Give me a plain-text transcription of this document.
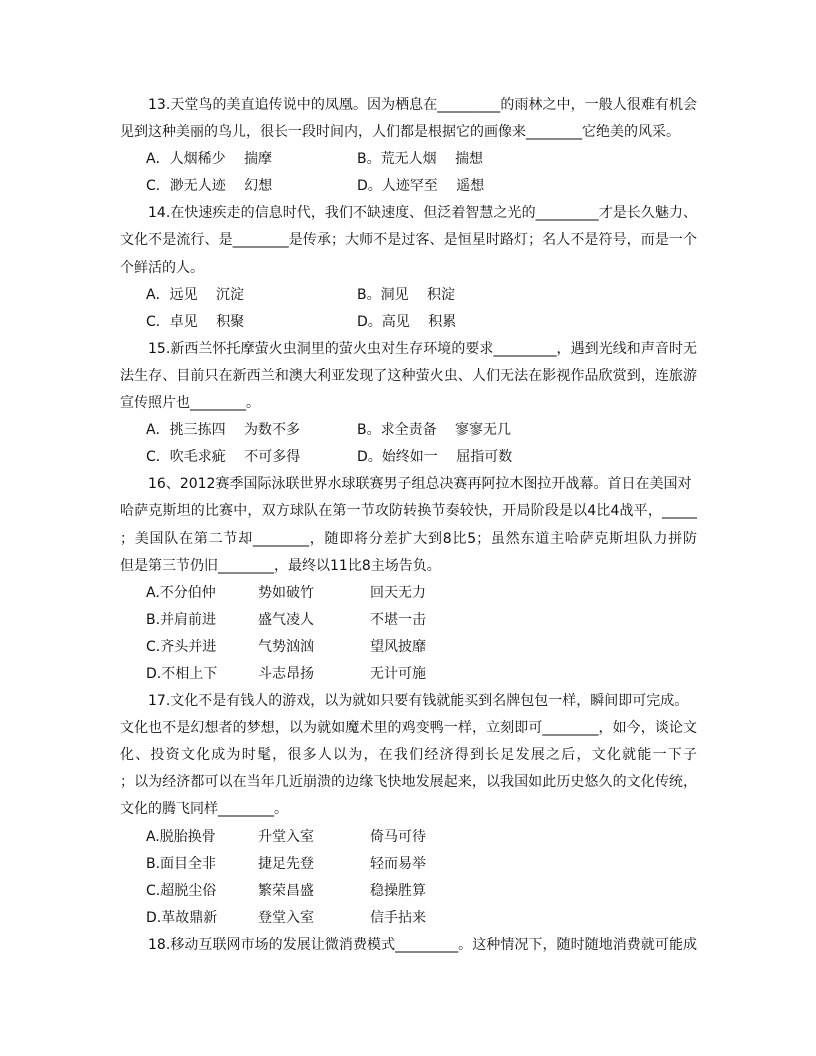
13.天堂鸟的美直追传说中的凤凰。因为栖息在_________的雨林之中，一般人很难有机会
见到这种美丽的鸟儿，很长一段时间内，人们都是根据它的画像来________它绝美的风采。
A．人烟稀少　 揣摩	B。荒无人烟　 揣想
C．渺无人迹　 幻想	D。人迹罕至　 遥想
14.在快速疾走的信息时代，我们不缺速度、但泛着智慧之光的_________才是长久魅力、
文化不是流行、是________是传承；大师不是过客、是恒星时路灯；名人不是符号，而是一个
个鲜活的人。
A．远见　 沉淀	B。洞见　 积淀
C．卓见　 积聚	D。高见　 积累
15.新西兰怀托摩萤火虫洞里的萤火虫对生存环境的要求_________，遇到光线和声音时无
法生存、目前只在新西兰和澳大利亚发现了这种萤火虫、人们无法在影视作品欣赏到，连旅游
宣传照片也________。
A．挑三拣四　 为数不多	B。求全责备　 寥寥无几
C．吹毛求疵　 不可多得	D。始终如一　 屈指可数
16、2012赛季国际泳联世界水球联赛男子组总决赛再阿拉木图拉开战幕。首日在美国对
哈萨克斯坦的比赛中，双方球队在第一节攻防转换节奏较快，开局阶段是以4比4战平，_____
；美国队在第二节却________，随即将分差扩大到8比5；虽然东道主哈萨克斯坦队力拼防
但是第三节仍旧________，最终以11比8主场告负。
A.不分伯仲	势如破竹	回天无力
B.并肩前进	盛气凌人	不堪一击
C.齐头并进	气势汹汹	望风披靡
D.不相上下	斗志昂扬	无计可施
17.文化不是有钱人的游戏，以为就如只要有钱就能买到名牌包包一样，瞬间即可完成。
文化也不是幻想者的梦想，以为就如魔术里的鸡变鸭一样，立刻即可________，如今，谈论文
化、投资文化成为时髦，很多人以为，在我们经济得到长足发展之后，文化就能一下子
；以为经济都可以在当年几近崩溃的边缘飞快地发展起来，以我国如此历史悠久的文化传统，
文化的腾飞同样________。
A.脱胎换骨	升堂入室	倚马可待
B.面目全非	捷足先登	轻而易举
C.超脱尘俗	繁荣昌盛	稳操胜算
D.革故鼎新	登堂入室	信手拈来
18.移动互联网市场的发展让微消费模式_________。这种情况下，随时随地消费就可能成
